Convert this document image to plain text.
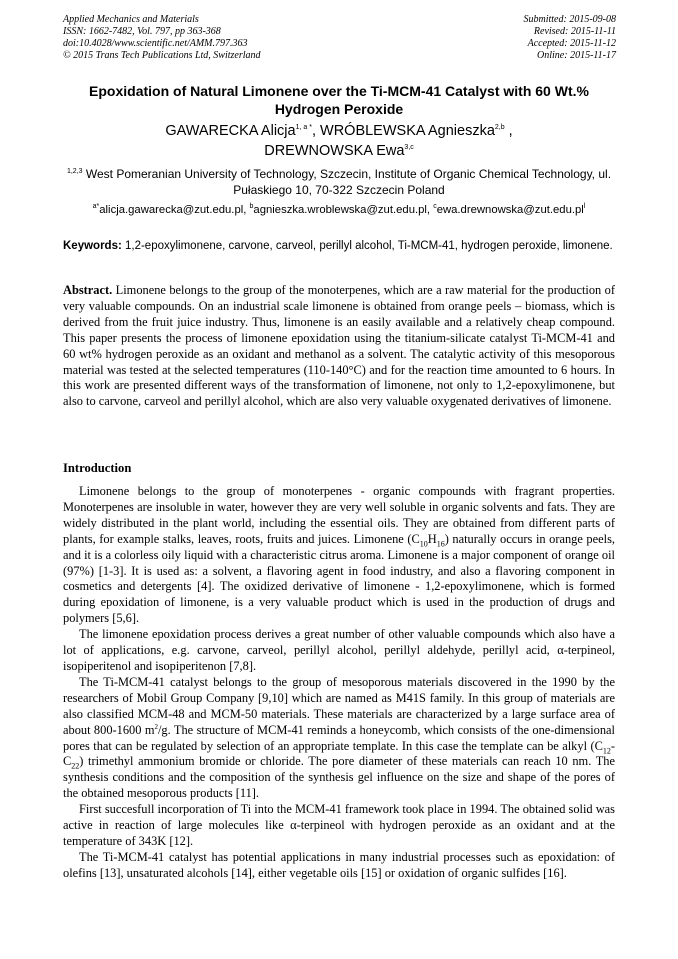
Applied Mechanics and Materials
ISSN: 1662-7482, Vol. 797, pp 363-368
doi:10.4028/www.scientific.net/AMM.797.363
© 2015 Trans Tech Publications Ltd, Switzerland
Submitted: 2015-09-08
Revised: 2015-11-11
Accepted: 2015-11-12
Online: 2015-11-17
Epoxidation of Natural Limonene over the Ti-MCM-41 Catalyst with 60 Wt.% Hydrogen Peroxide
GAWARECKA Alicja$^{1, a *}$, WRÓBLEWSKA Agnieszka$^{2,b}$ ,
DREWNOWSKA Ewa$^{3,c}$
$^{1,2,3}$ West Pomeranian University of Technology, Szczecin, Institute of Organic Chemical Technology, ul. Pułaskiego 10, 70-322 Szczecin Poland
$^{a*}$alicja.gawarecka@zut.edu.pl, $^b$agnieszka.wroblewska@zut.edu.pl, $^cewa.drewnowska@zut.edu.pl^l$
Keywords: 1,2-epoxylimonene, carvone, carveol, perillyl alcohol, Ti-MCM-41, hydrogen peroxide, limonene.
Abstract. Limonene belongs to the group of the monoterpenes, which are a raw material for the production of very valuable compounds. On an industrial scale limonene is obtained from orange peels – biomass, which is derived from the fruit juice industry. Thus, limonene is an easily available and a relatively cheap compound. This paper presents the process of limonene epoxidation using the titanium-silicate catalyst Ti-MCM-41 and 60 wt% hydrogen peroxide as an oxidant and methanol as a solvent. The catalytic activity of this mesoporous material was tested at the selected temperatures (110-140°C) and for the reaction time amounted to 6 hours. In this work are presented different ways of the transformation of limonene, not only to 1,2-epoxylimonene, but also to carvone, carveol and perillyl alcohol, which are also very valuable oxygenated derivatives of limonene.
Introduction

Limonene belongs to the group of monoterpenes - organic compounds with fragrant properties. Monoterpenes are insoluble in water, however they are very well soluble in organic solvents and fats. They are widely distributed in the plant world, including the essential oils. They are obtained from different parts of plants, for example stalks, leaves, roots, fruits and juices. Limonene $(C_{10}H_{16})$ naturally occurs in orange peels, and it is a colorless oily liquid with a characteristic citrus aroma. Limonene is a major component of orange oil (97%) [1-3]. It is used as: a solvent, a flavoring agent in food industry, and also a flavoring component in cosmetics and detergents [4]. The oxidized derivative of limonene - 1,2-epoxylimonene, which is formed during epoxidation of limonene, is a very valuable product which is used in the production of drugs and polymers [5,6].

The limonene epoxidation process derives a great number of other valuable compounds which also have a lot of applications, e.g. carvone, carveol, perillyl alcohol, perillyl aldehyde, perillyl acid, α-terpineol, isopiperitenol and isopiperitenon [7,8].

The Ti-MCM-41 catalyst belongs to the group of mesoporous materials discovered in the 1990 by the researchers of Mobil Group Company [9,10] which are named as M41S family. In this group of materials are also classified MCM-48 and MCM-50 materials. These materials are characterized by a large surface area of about 800-1600 $m^2/g$. The structure of MCM-41 reminds a honeycomb, which consists of the one-dimensional pores that can be regulated by selection of an appropriate template. In this case the template can be alkyl $(C_{12}-C_{22})$ trimethyl ammonium bromide or chloride. The pore diameter of these materials can reach 10 nm. The synthesis conditions and the composition of the synthesis gel influence on the size and shape of the pores of the obtained mesoporous products [11].

First succesfull incorporation of Ti into the MCM-41 framework took place in 1994. The obtained solid was active in reaction of large molecules like α-terpineol with hydrogen peroxide as an oxidant and at the temperature of 343K [12].

The Ti-MCM-41 catalyst has potential applications in many industrial processes such as epoxidation: of olefins [13], unsaturated alcohols [14], either vegetable oils [15] or oxidation of organic sulfides [16].
